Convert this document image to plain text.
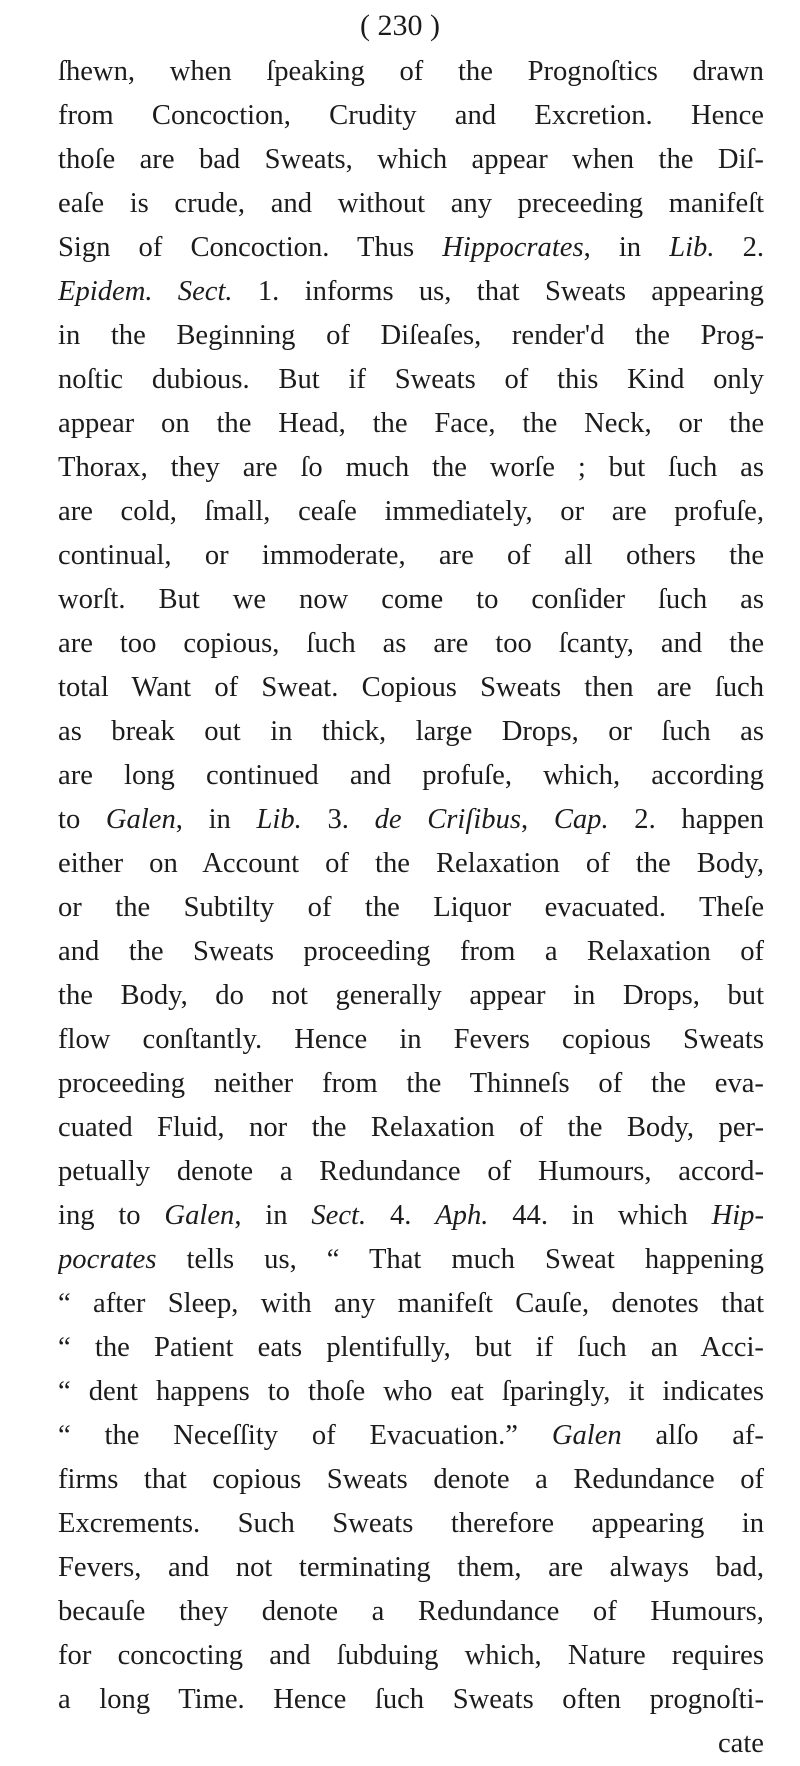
( 230 )
ſhewn, when ſpeaking of the Prognoſtics drawn
from Concoction, Crudity and Excretion. Hence
thoſe are bad Sweats, which appear when the Diſ-
eaſe is crude, and without any preceeding manifeſt
Sign of Concoction. Thus Hippocrates, in Lib. 2.
Epidem. Sect. 1. informs us, that Sweats appearing
in the Beginning of Diſeaſes, render'd the Prog-
noſtic dubious. But if Sweats of this Kind only
appear on the Head, the Face, the Neck, or the
Thorax, they are ſo much the worſe ; but ſuch as
are cold, ſmall, ceaſe immediately, or are profuſe,
continual, or immoderate, are of all others the
worſt. But we now come to conſider ſuch as
are too copious, ſuch as are too ſcanty, and the
total Want of Sweat. Copious Sweats then are ſuch
as break out in thick, large Drops, or ſuch as
are long continued and profuſe, which, according
to Galen, in Lib. 3. de Criſibus, Cap. 2. happen
either on Account of the Relaxation of the Body,
or the Subtilty of the Liquor evacuated. Theſe
and the Sweats proceeding from a Relaxation of
the Body, do not generally appear in Drops, but
flow conſtantly. Hence in Fevers copious Sweats
proceeding neither from the Thinneſs of the eva-
cuated Fluid, nor the Relaxation of the Body, per-
petually denote a Redundance of Humours, accord-
ing to Galen, in Sect. 4. Aph. 44. in which Hip-
pocrates tells us, “ That much Sweat happening
“ after Sleep, with any manifeſt Cauſe, denotes that
“ the Patient eats plentifully, but if ſuch an Acci-
“ dent happens to thoſe who eat ſparingly, it indicates
“ the Neceſſity of Evacuation.” Galen alſo af-
firms that copious Sweats denote a Redundance of
Excrements. Such Sweats therefore appearing in
Fevers, and not terminating them, are always bad,
becauſe they denote a Redundance of Humours,
for concocting and ſubduing which, Nature requires
a long Time. Hence ſuch Sweats often prognoſti-
cate
